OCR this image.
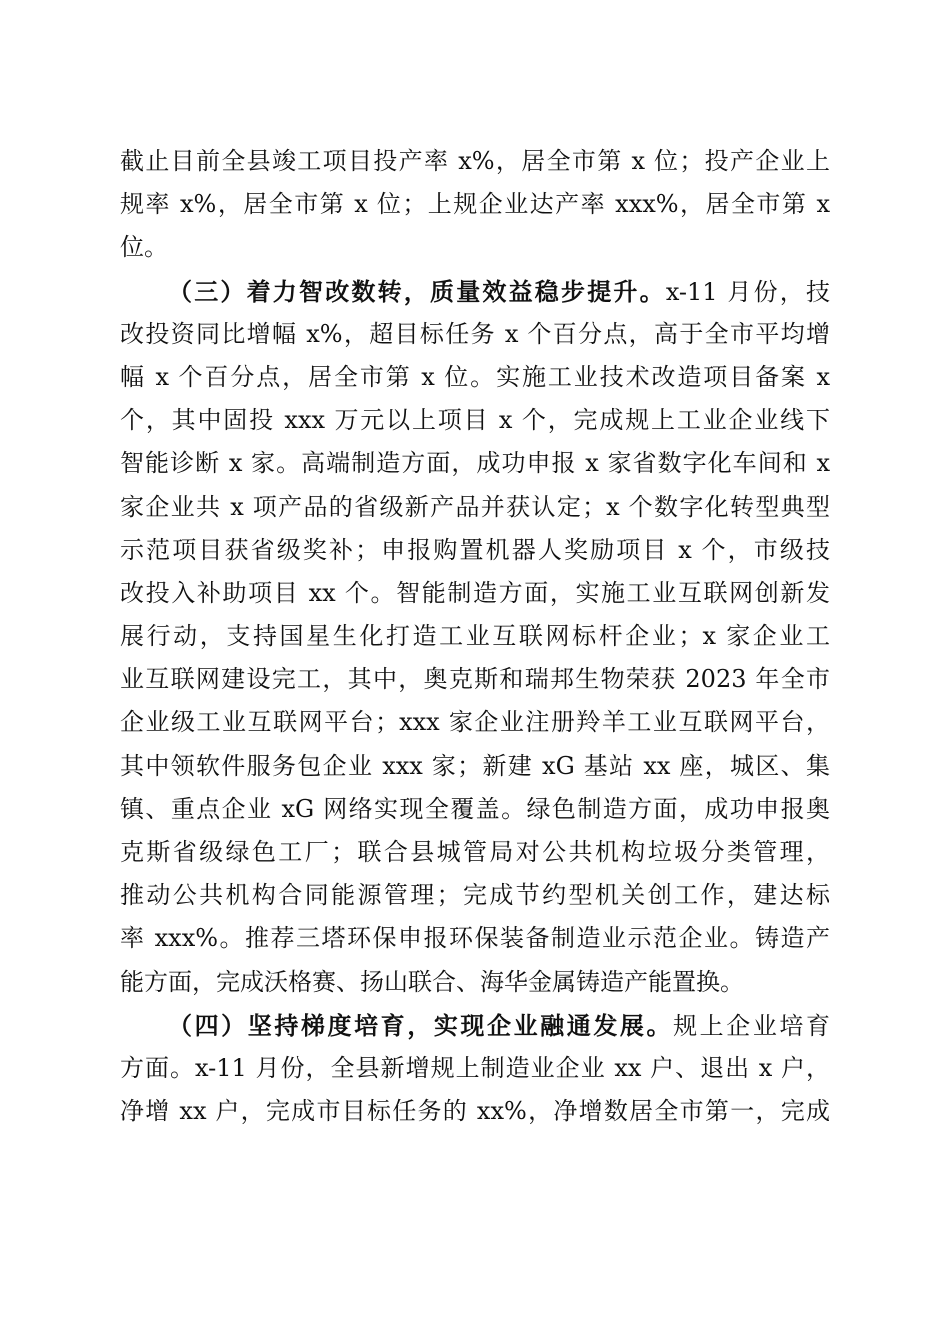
截止目前全县竣工项目投产率 x%，居全市第 x 位；投产企业上
规率 x%，居全市第 x 位；上规企业达产率 xxx%，居全市第 x
位。
（三）着力智改数转，质量效益稳步提升。x-11 月份，技
改投资同比增幅 x%，超目标任务 x 个百分点，高于全市平均增
幅 x 个百分点，居全市第 x 位。实施工业技术改造项目备案 x
个，其中固投 xxx 万元以上项目 x 个，完成规上工业企业线下
智能诊断 x 家。高端制造方面，成功申报 x 家省数字化车间和 x
家企业共 x 项产品的省级新产品并获认定；x 个数字化转型典型
示范项目获省级奖补；申报购置机器人奖励项目 x 个，市级技
改投入补助项目 xx 个。智能制造方面，实施工业互联网创新发
展行动，支持国星生化打造工业互联网标杆企业；x 家企业工
业互联网建设完工，其中，奥克斯和瑞邦生物荣获 2023 年全市
企业级工业互联网平台；xxx 家企业注册羚羊工业互联网平台，
其中领软件服务包企业 xxx 家；新建 xG 基站 xx 座，城区、集
镇、重点企业 xG 网络实现全覆盖。绿色制造方面，成功申报奥
克斯省级绿色工厂；联合县城管局对公共机构垃圾分类管理，
推动公共机构合同能源管理；完成节约型机关创工作，建达标
率 xxx%。推荐三塔环保申报环保装备制造业示范企业。铸造产
能方面，完成沃格赛、扬山联合、海华金属铸造产能置换。
（四）坚持梯度培育，实现企业融通发展。规上企业培育
方面。x-11 月份，全县新增规上制造业企业 xx 户、退出 x 户，
净增 xx 户，完成市目标任务的 xx%，净增数居全市第一，完成
